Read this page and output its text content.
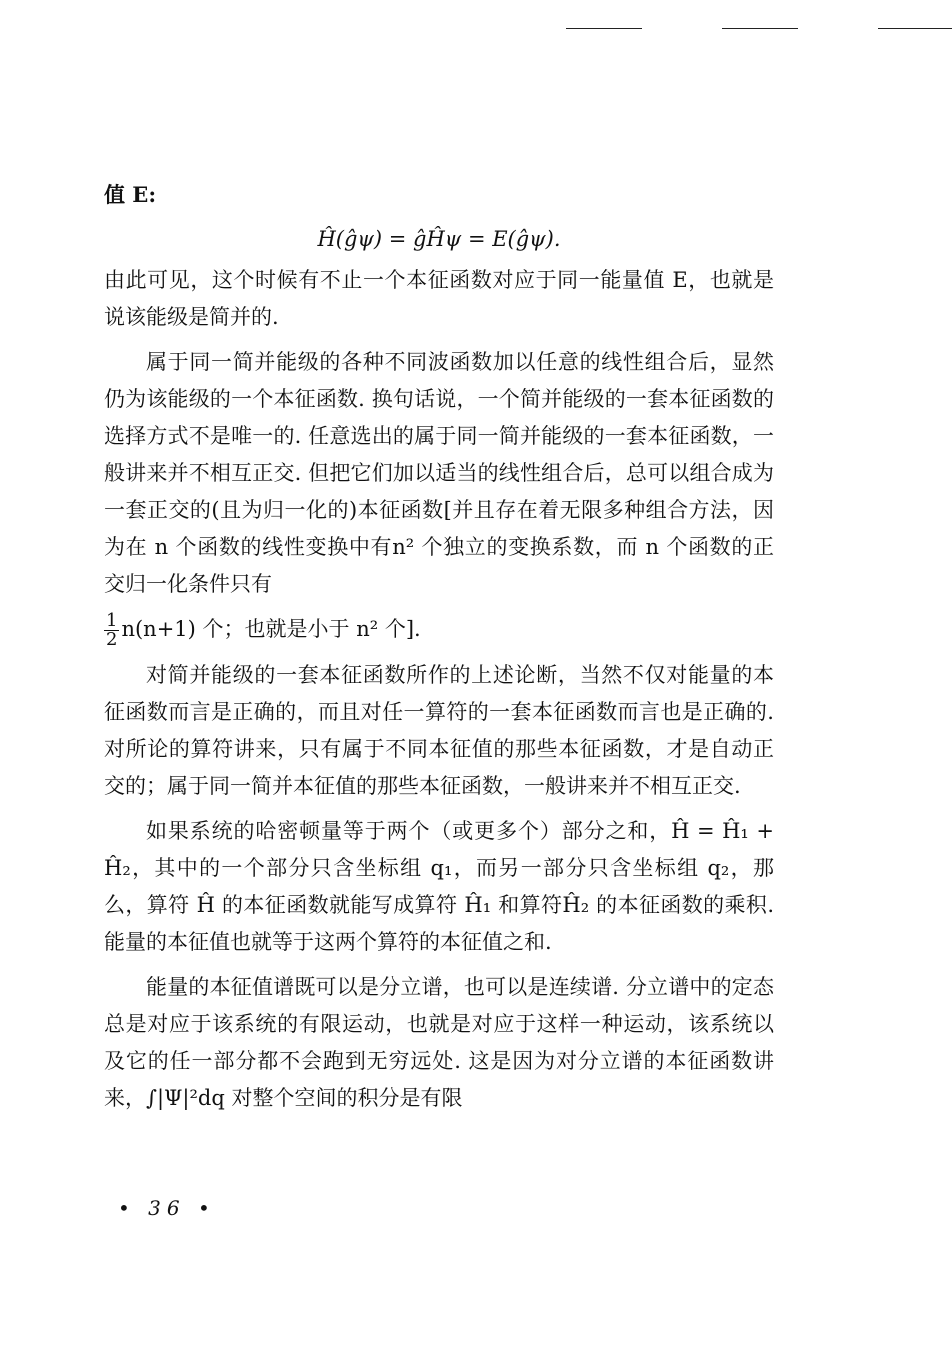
值 E:

Ĥ(ĝψ) = ĝĤψ = E(ĝψ).

由此可见，这个时候有不止一个本征函数对应于同一能量值 E，也就是说该能级是简并的.

属于同一简并能级的各种不同波函数加以任意的线性组合后，显然仍为该能级的一个本征函数. 换句话说，一个简并能级的一套本征函数的选择方式不是唯一的. 任意选出的属于同一简并能级的一套本征函数，一般讲来并不相互正交. 但把它们加以适当的线性组合后，总可以组合成为一套正交的(且为归一化的)本征函数[并且存在着无限多种组合方法，因为在 n 个函数的线性变换中有n² 个独立的变换系数，而 n 个函数的正交归一化条件只有

$\frac{1}{2} n(n+1)$ 个；也就是小于 n² 个].

对简并能级的一套本征函数所作的上述论断，当然不仅对能量的本征函数而言是正确的，而且对任一算符的一套本征函数而言也是正确的. 对所论的算符讲来，只有属于不同本征值的那些本征函数，才是自动正交的；属于同一简并本征值的那些本征函数，一般讲来并不相互正交.

如果系统的哈密顿量等于两个（或更多个）部分之和，Ĥ = Ĥ₁ + Ĥ₂，其中的一个部分只含坐标组 q₁，而另一部分只含坐标组 q₂，那么，算符 Ĥ 的本征函数就能写成算符 Ĥ₁ 和算符Ĥ₂ 的本征函数的乘积. 能量的本征值也就等于这两个算符的本征值之和.

能量的本征值谱既可以是分立谱，也可以是连续谱. 分立谱中的定态总是对应于该系统的有限运动，也就是对应于这样一种运动，该系统以及它的任一部分都不会跑到无穷远处. 这是因为对分立谱的本征函数讲来，∫|Ψ|²dq 对整个空间的积分是有限

• 36 •
